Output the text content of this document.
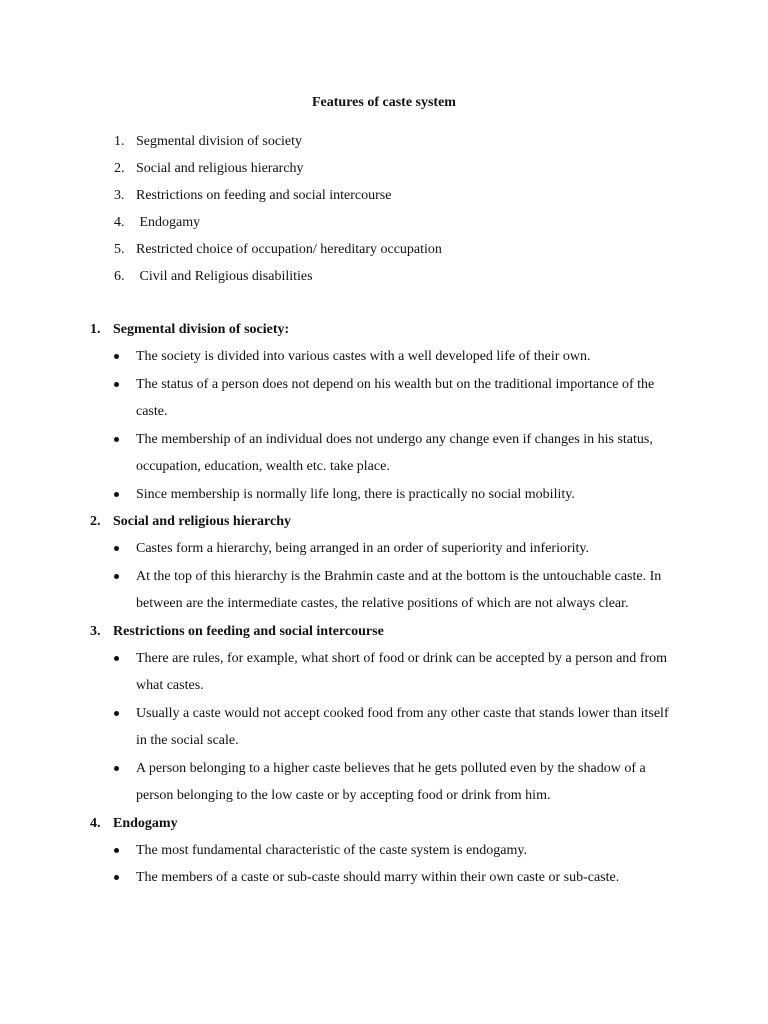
Features of caste system
1. Segmental division of society
2. Social and religious hierarchy
3. Restrictions on feeding and social intercourse
4. Endogamy
5. Restricted choice of occupation/ hereditary occupation
6. Civil and Religious disabilities
1. Segmental division of society:
The society is divided into various castes with a well developed life of their own.
The status of a person does not depend on his wealth but on the traditional importance of the caste.
The membership of an individual does not undergo any change even if changes in his status, occupation, education, wealth etc. take place.
Since membership is normally life long, there is practically no social mobility.
2. Social and religious hierarchy
Castes form a hierarchy, being arranged in an order of superiority and inferiority.
At the top of this hierarchy is the Brahmin caste and at the bottom is the untouchable caste. In between are the intermediate castes, the relative positions of which are not always clear.
3. Restrictions on feeding and social intercourse
There are rules, for example, what short of food or drink can be accepted by a person and from what castes.
Usually a caste would not accept cooked food from any other caste that stands lower than itself in the social scale.
A person belonging to a higher caste believes that he gets polluted even by the shadow of a person belonging to the low caste or by accepting food or drink from him.
4. Endogamy
The most fundamental characteristic of the caste system is endogamy.
The members of a caste or sub-caste should marry within their own caste or sub-caste.
